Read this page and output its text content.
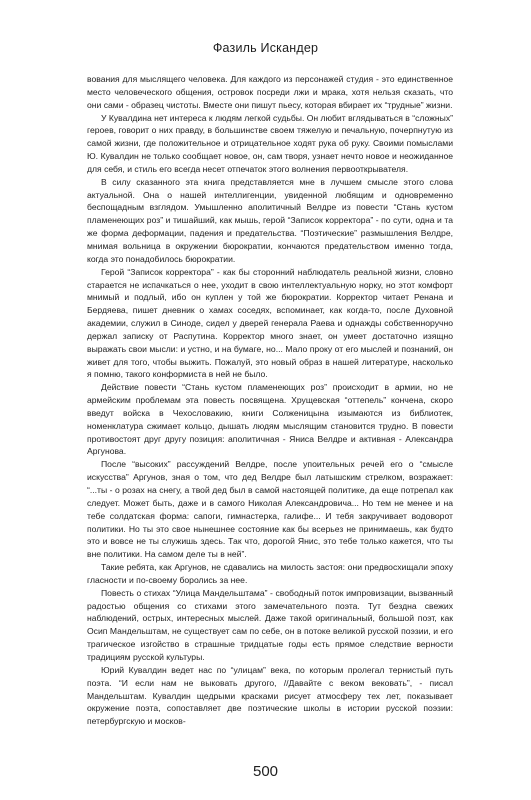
Фазиль Искандер

вования для мыслящего человека. Для каждого из персонажей студия - это единственное место человеческого общения, островок посреди лжи и мрака, хотя нельзя сказать, что они сами - образец чистоты. Вместе они пишут пьесу, которая вбирает их “трудные” жизни.

У Кувалдина нет интереса к людям легкой судьбы. Он любит вглядываться в “сложных” героев, говорит о них правду, в большинстве своем тяжелую и печальную, почерпнутую из самой жизни, где положительное и отрицательное ходят рука об руку. Своими помыслами Ю. Кувалдин не только сообщает новое, он, сам творя, узнает нечто новое и неожиданное для себя, и стиль его всегда несет отпечаток этого волнения первооткрывателя.

В силу сказанного эта книга представляется мне в лучшем смысле этого слова актуальной. Она о нашей интеллигенции, увиденной любящим и одновременно беспощадным взглядом. Умышленно аполитичный Велдре из повести “Стань кустом пламенеющих роз” и тишайший, как мышь, герой “Записок корректора” - по сути, одна и та же форма деформации, падения и предательства. “Поэтические” размышления Велдре, мнимая вольница в окружении бюрократии, кончаются предательством именно тогда, когда это понадобилось бюрократии.

Герой “Записок корректора” - как бы сторонний наблюдатель реальной жизни, словно старается не испачкаться о нее, уходит в свою интеллектуальную норку, но этот комфорт мнимый и подлый, ибо он куплен у той же бюрократии. Корректор читает Ренана и Бердяева, пишет дневник о хамах соседях, вспоминает, как когда-то, после Духовной академии, служил в Синоде, сидел у дверей генерала Раева и однажды собственноручно держал записку от Распутина. Корректор много знает, он умеет достаточно изящно выражать свои мысли: и устно, и на бумаге, но... Мало проку от его мыслей и познаний, он живет для того, чтобы выжить. Пожалуй, это новый образ в нашей литературе, насколько я помню, такого конформиста в ней не было.

Действие повести “Стань кустом пламенеющих роз” происходит в армии, но не армейским проблемам эта повесть посвящена. Хрущевская “оттепель” кончена, скоро введут войска в Чехословакию, книги Солженицына изымаются из библиотек, номенклатура сжимает кольцо, дышать людям мыслящим становится трудно. В повести противостоят друг другу позиция: аполитичная - Яниса Велдре и активная - Александра Аргунова.

После “высоких” рассуждений Велдре, после упоительных речей его о “смысле искусства” Аргунов, зная о том, что дед Велдре был латышским стрелком, возражает: “...ты - о розах на снегу, а твой дед был в самой настоящей политике, да еще потрепал как следует. Может быть, даже и в самого Николая Александровича... Но тем не менее и на тебе солдатская форма: сапоги, гимнастерка, галифе... И тебя закручивает водоворот политики. Но ты это свое нынешнее состояние как бы всерьез не принимаешь, как будто это и вовсе не ты служишь здесь. Так что, дорогой Янис, это тебе только кажется, что ты вне политики. На самом деле ты в ней”.

Такие ребята, как Аргунов, не сдавались на милость застоя: они предвосхищали эпоху гласности и по-своему боролись за нее.

Повесть о стихах “Улица Мандельштама” - свободный поток импровизации, вызванный радостью общения со стихами этого замечательного поэта. Тут бездна свежих наблюдений, острых, интересных мыслей. Даже такой оригинальный, большой поэт, как Осип Мандельштам, не существует сам по себе, он в потоке великой русской поэзии, и его трагическое изгойство в страшные тридцатые годы есть прямое следствие верности традициям русской культуры.

Юрий Кувалдин ведет нас по “улицам” века, по которым пролегал тернистый путь поэта. “И если нам не выковать другого, //Давайте с веком вековать”, - писал Мандельштам. Кувалдин щедрыми красками рисует атмосферу тех лет, показывает окружение поэта, сопоставляет две поэтические школы в истории русской поэзии: петербургскую и москов-

500
